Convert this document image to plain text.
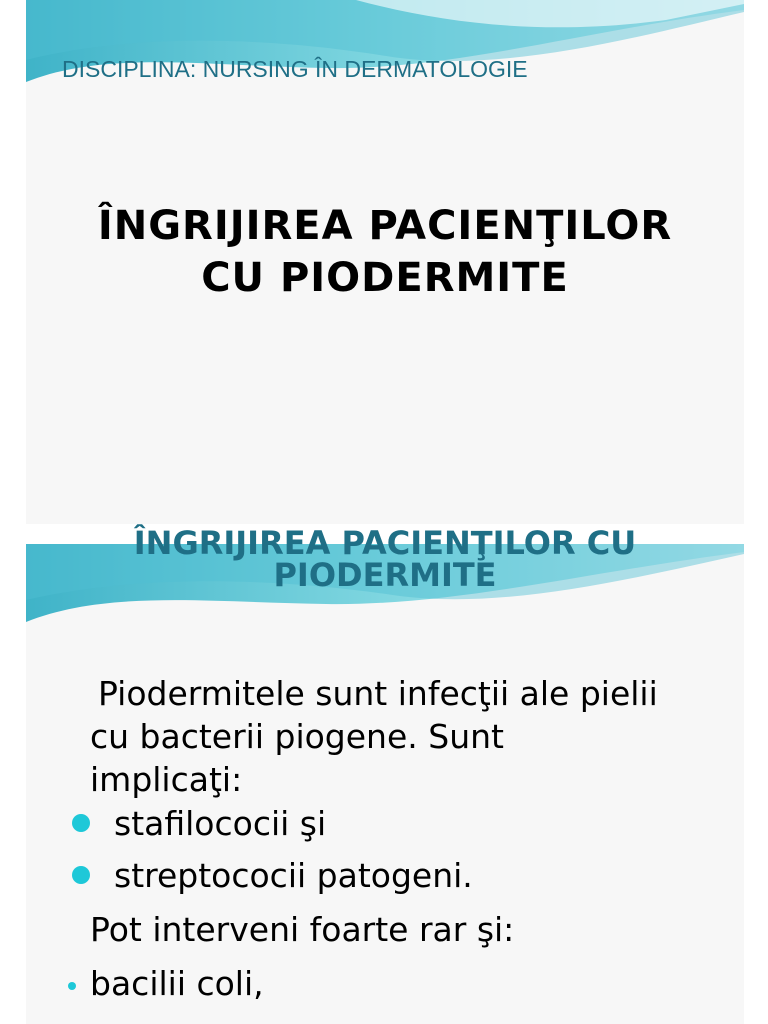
DISCIPLINA: NURSING ÎN DERMATOLOGIE
ÎNGRIJIREA PACIENŢILOR
CU PIODERMITE
ÎNGRIJIREA PACIENŢILOR CU
PIODERMITE
Piodermitele sunt infecţii ale pielii
cu bacterii piogene. Sunt
implicaţi:
stafilococii şi
streptococii patogeni.
Pot interveni foarte rar şi:
bacilii coli,
